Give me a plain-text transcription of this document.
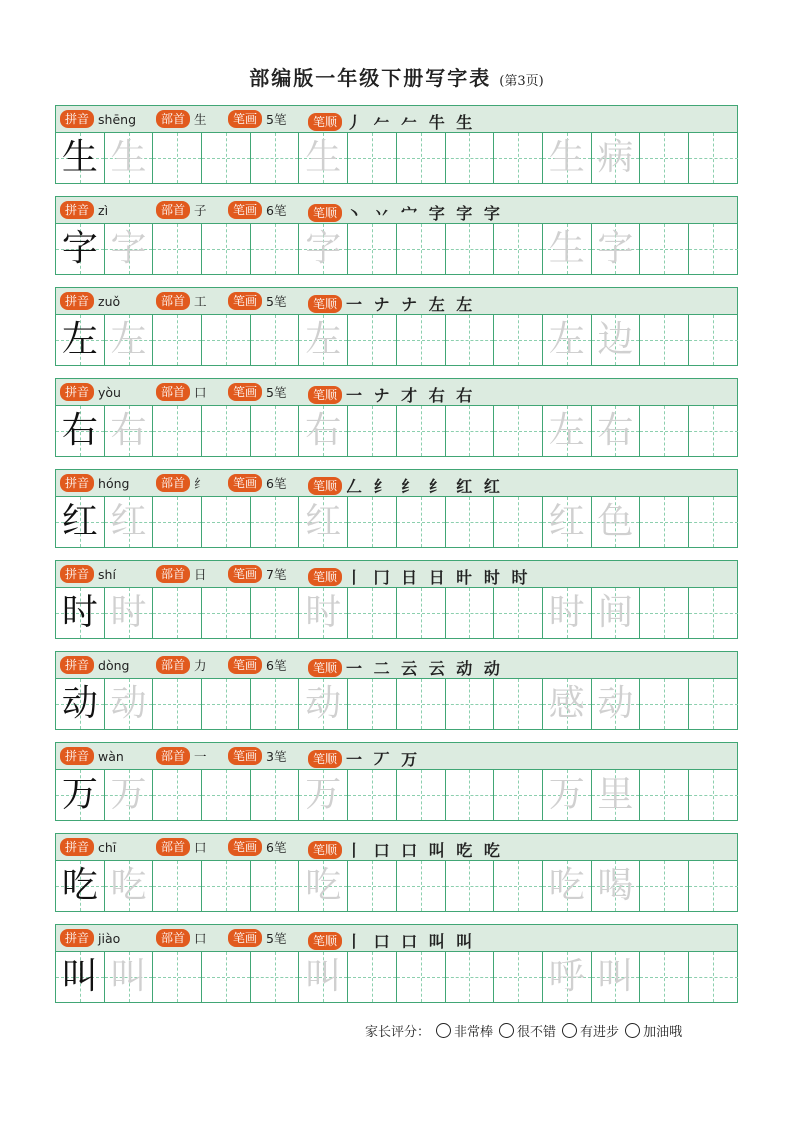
部编版一年级下册写字表 (第3页)
拼音 shēng	部首 生	笔画 5笔	笔顺 丿 𠂉 𠂉 牛 生
生 生	生	生 病
拼音 zì	部首 子	笔画 6笔	笔顺 丶 丷 宀 字 字 字
字 字	字	生 字
拼音 zuǒ	部首 工	笔画 5笔	笔顺 一 ナ ナ 左 左
左 左	左	左 边
拼音 yòu	部首 口	笔画 5笔	笔顺 一 ナ 才 右 右
右 右	右	左 右
拼音 hóng	部首 纟	笔画 6笔	笔顺 𠃋 纟 纟 纟 红 红
红 红	红	红 色
拼音 shí	部首 日	笔画 7笔	笔顺 丨 冂 日 日 旪 时 时
时 时	时	时 间
拼音 dòng	部首 力	笔画 6笔	笔顺 一 二 云 云 动 动
动 动	动	感 动
拼音 wàn	部首 一	笔画 3笔	笔顺 一 丆 万
万 万	万	万 里
拼音 chī	部首 口	笔画 6笔	笔顺 丨 口 口 叫 吃 吃
吃 吃	吃	吃 喝
拼音 jiào	部首 口	笔画 5笔	笔顺 丨 口 口 叫 叫
叫 叫	叫	呼 叫
家长评分： 非常棒 很不错 有进步 加油哦
